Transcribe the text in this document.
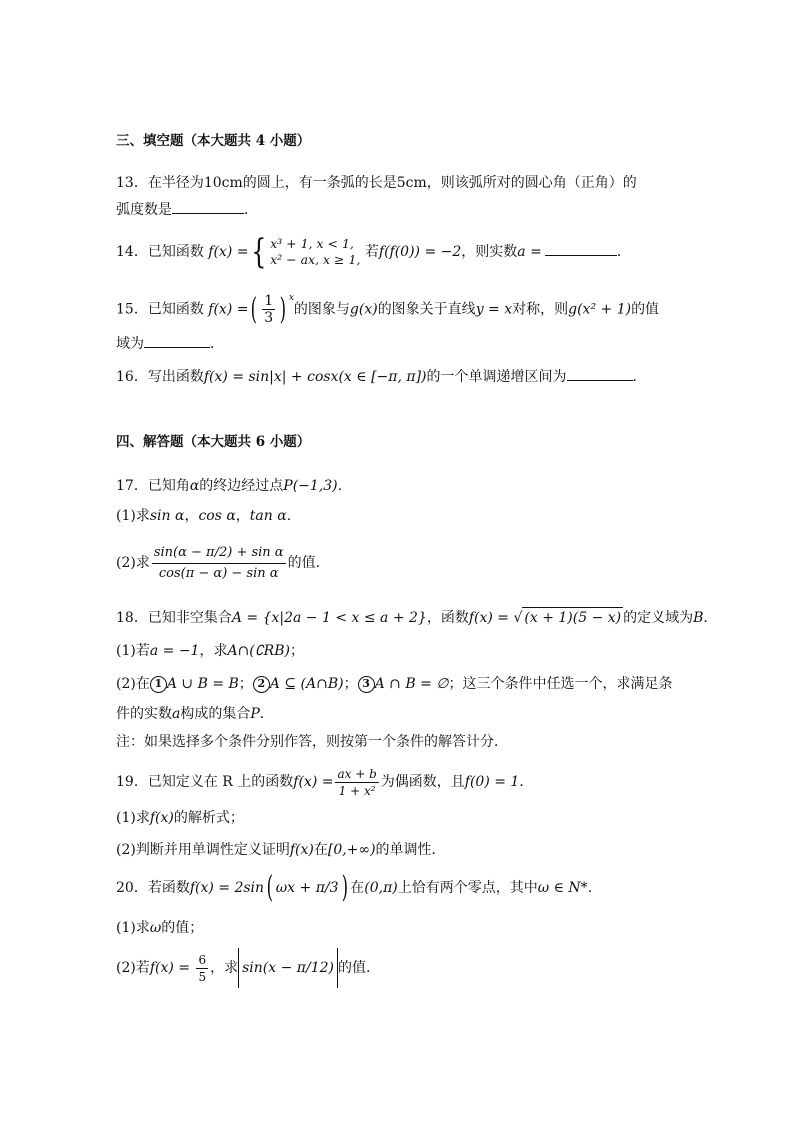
三、填空题（本大题共 4 小题）
13．在半径为10cm的圆上，有一条弧的长是5cm，则该弧所对的圆心角（正角）的
弧度数是	．
14．已知函数 f(x) ={ x³ + 1, x < 1,
x² − ax, x ≥ 1, 若f(f(0)) = −2，则实数a =	．
15．已知函数 f(x) =( $\frac{1}{3}$ ) $^x$的图象与g(x)的图象关于直线y = x对称，则g(x² + 1)的值
域为	．
16．写出函数f(x) = sin|x| + cosx(x ∈ [−π, π])的一个单调递增区间为	．
四、解答题（本大题共 6 小题）
17．已知角α的终边经过点P(−1,3).
(1)求sin α，cos α，tan α.
(2)求 $\frac{\text{sin(α − π/2) + sin α}}{\text{cos(π − α) − sin α}}$ 的值.
18．已知非空集合A = {x|2a − 1 < x ≤ a + 2}，函数f(x) = √ (x + 1)(5 − x) 的定义域为B．
(1)若a = −1，求A∩(∁RB)；
(2)在 1 A ∪ B = B； 2 A ⊆ (A∩B)； 3 A ∩ B = ∅；这三个条件中任选一个，求满足条
件的实数a构成的集合P．
注：如果选择多个条件分别作答，则按第一个条件的解答计分．
19．已知定义在 R 上的函数$f(x) = \frac{ax + b}{\text{1 + x²}}$ 为偶函数，且f(0) = 1．
(1)求f(x)的解析式；
(2)判断并用单调性定义证明f(x)在[0,+∞)的单调性．
20．若函数f(x) = 2sin( ωx + π/3) 在(0,π)上恰有两个零点，其中ω ∈ N*.
(1)求ω的值；
(2)若$f(x) = \frac{6}{5}$ ，求 sin(x − π/12) 的值.
